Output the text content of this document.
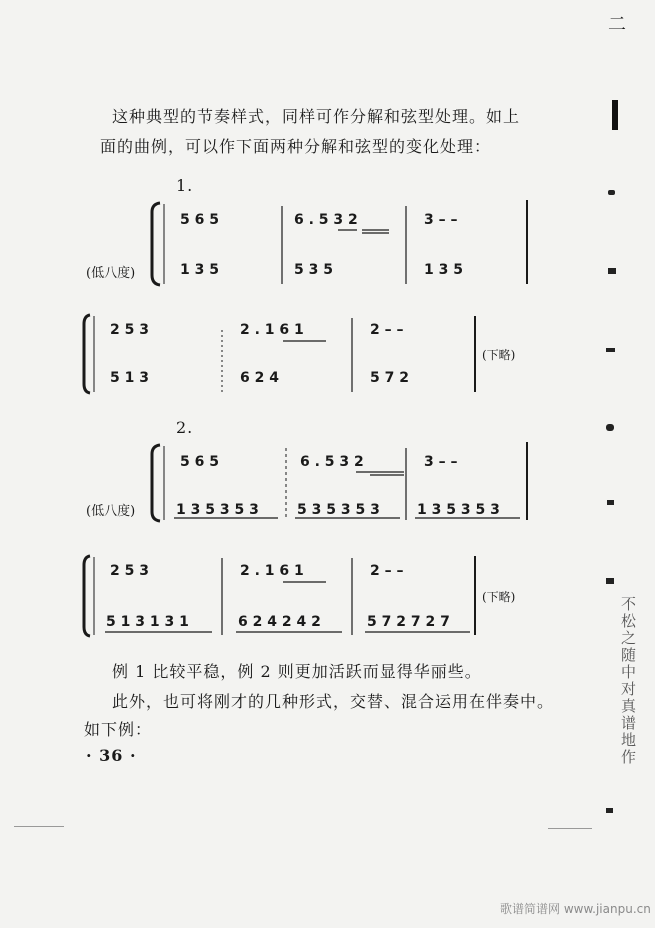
二
这种典型的节奏样式，同样可作分解和弦型处理。如上
面的曲例，可以作下面两种分解和弦型的变化处理：
1.
(低八度)
5 6 5	6 . 5 3 2	3 – –
1 3 5	5 3 5	1 3 5
2 5 3	2 . 1 6 1	2 – –
5 1 3	6 2 4	5 7 2
(下略)
2.
(低八度)
5 6 5	6 . 5 3 2	3 – –
1 3 5 3 5 3	5 3 5 3 5 3	1 3 5 3 5 3
2 5 3	2 . 1 6 1	2 – –
5 1 3 1 3 1	6 2 4 2 4 2	5 7 2 7 2 7
(下略)
例 1 比较平稳，例 2 则更加活跃而显得华丽些。
此外，也可将刚才的几种形式，交替、混合运用在伴奏中。
如下例：
· 36 ·	不松之随中对真谱地作
歌谱简谱网 www.jianpu.cn
